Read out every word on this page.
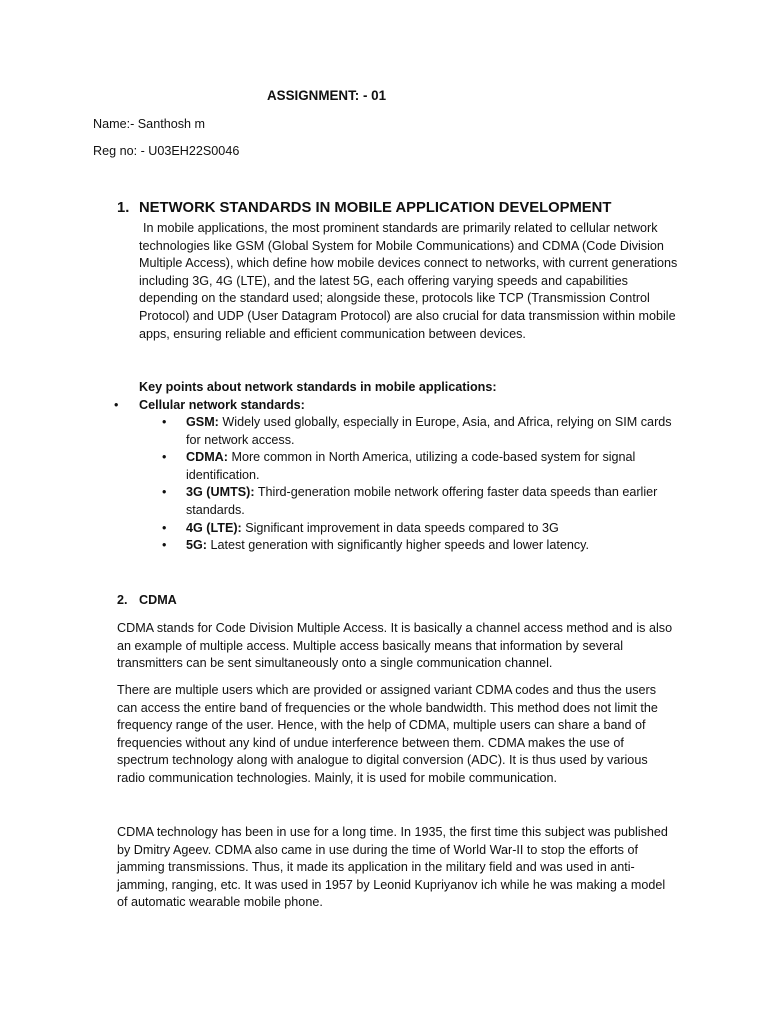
ASSIGNMENT: - 01
Name:- Santhosh m
Reg no: - U03EH22S0046
1. NETWORK STANDARDS IN MOBILE APPLICATION DEVELOPMENT
In mobile applications, the most prominent standards are primarily related to cellular network technologies like GSM (Global System for Mobile Communications) and CDMA (Code Division Multiple Access), which define how mobile devices connect to networks, with current generations including 3G, 4G (LTE), and the latest 5G, each offering varying speeds and capabilities depending on the standard used; alongside these, protocols like TCP (Transmission Control Protocol) and UDP (User Datagram Protocol) are also crucial for data transmission within mobile apps, ensuring reliable and efficient communication between devices.
Key points about network standards in mobile applications:
• Cellular network standards:
• GSM: Widely used globally, especially in Europe, Asia, and Africa, relying on SIM cards for network access.
• CDMA: More common in North America, utilizing a code-based system for signal identification.
• 3G (UMTS): Third-generation mobile network offering faster data speeds than earlier standards.
• 4G (LTE): Significant improvement in data speeds compared to 3G
• 5G: Latest generation with significantly higher speeds and lower latency.
2. CDMA
CDMA stands for Code Division Multiple Access. It is basically a channel access method and is also an example of multiple access. Multiple access basically means that information by several transmitters can be sent simultaneously onto a single communication channel.
There are multiple users which are provided or assigned variant CDMA codes and thus the users can access the entire band of frequencies or the whole bandwidth. This method does not limit the frequency range of the user. Hence, with the help of CDMA, multiple users can share a band of frequencies without any kind of undue interference between them. CDMA makes the use of spectrum technology along with analogue to digital conversion (ADC). It is thus used by various radio communication technologies. Mainly, it is used for mobile communication.
CDMA technology has been in use for a long time. In 1935, the first time this subject was published by Dmitry Ageev. CDMA also came in use during the time of World War-II to stop the efforts of jamming transmissions. Thus, it made its application in the military field and was used in anti-jamming, ranging, etc. It was used in 1957 by Leonid Kupriyanov ich while he was making a model of automatic wearable mobile phone.
